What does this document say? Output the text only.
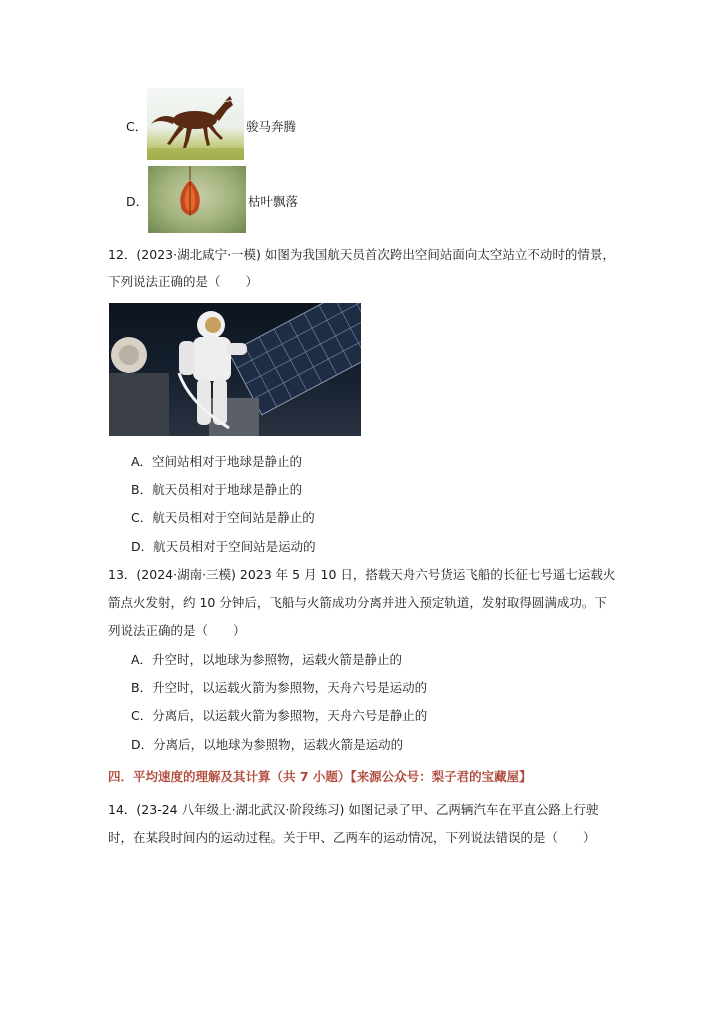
C．	骏马奔腾
D．	枯叶飘落
12．(2023·湖北咸宁·一模) 如图为我国航天员首次跨出空间站面向太空站立不动时的情景，
下列说法正确的是（　　）
A．空间站相对于地球是静止的
B．航天员相对于地球是静止的
C．航天员相对于空间站是静止的
D．航天员相对于空间站是运动的
13．(2024·湖南·三模) 2023 年 5 月 10 日，搭载天舟六号货运飞船的长征七号遥七运载火
箭点火发射，约 10 分钟后，飞船与火箭成功分离并进入预定轨道，发射取得圆满成功。下
列说法正确的是（　　）
A．升空时，以地球为参照物，运载火箭是静止的
B．升空时，以运载火箭为参照物，天舟六号是运动的
C．分离后，以运载火箭为参照物，天舟六号是静止的
D．分离后，以地球为参照物，运载火箭是运动的
四．平均速度的理解及其计算（共 7 小题）【来源公众号：梨子君的宝藏屋】
14．(23-24 八年级上·湖北武汉·阶段练习) 如图记录了甲、乙两辆汽车在平直公路上行驶
时，在某段时间内的运动过程。关于甲、乙两车的运动情况，下列说法错误的是（　　）
